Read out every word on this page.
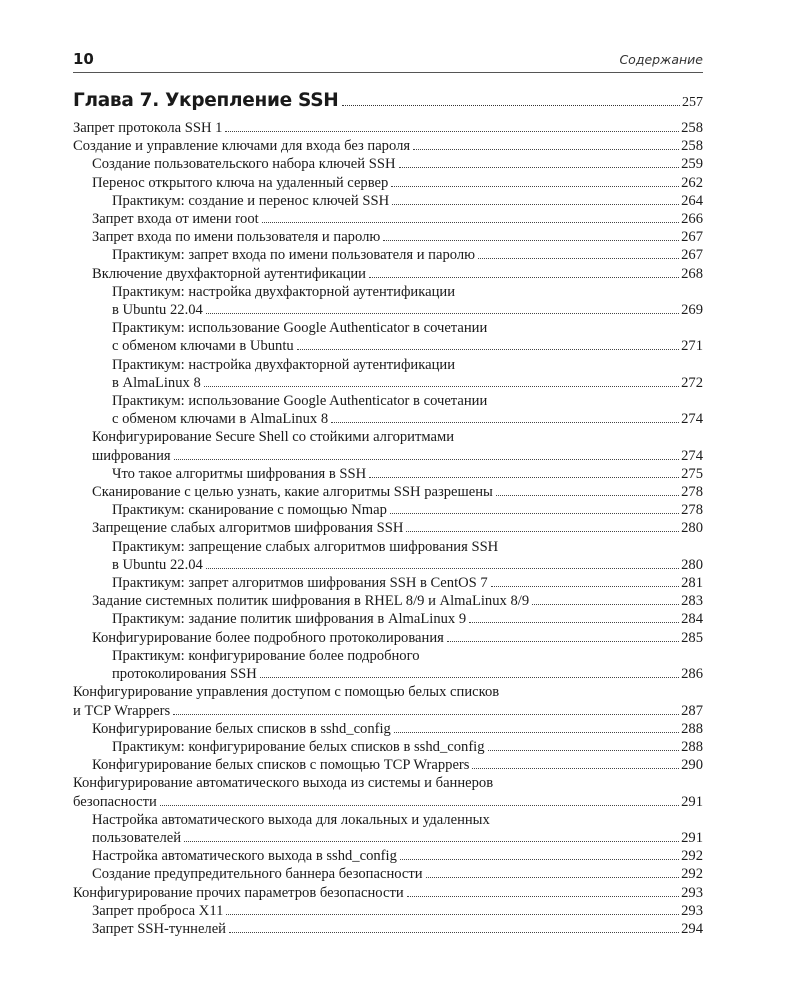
10	Содержание
Глава 7. Укрепление SSH	257
Запрет протокола SSH 1	258
Создание и управление ключами для входа без пароля	258
Создание пользовательского набора ключей SSH	259
Перенос открытого ключа на удаленный сервер	262
Практикум: создание и перенос ключей SSH	264
Запрет входа от имени root	266
Запрет входа по имени пользователя и паролю	267
Практикум: запрет входа по имени пользователя и паролю	267
Включение двухфакторной аутентификации	268
Практикум: настройка двухфакторной аутентификации
в Ubuntu 22.04	269
Практикум: использование Google Authenticator в сочетании
с обменом ключами в Ubuntu	271
Практикум: настройка двухфакторной аутентификации
в AlmaLinux 8	272
Практикум: использование Google Authenticator в сочетании
с обменом ключами в AlmaLinux 8	274
Конфигурирование Secure Shell со стойкими алгоритмами
шифрования	274
Что такое алгоритмы шифрования в SSH	275
Сканирование с целью узнать, какие алгоритмы SSH разрешены	278
Практикум: сканирование с помощью Nmap	278
Запрещение слабых алгоритмов шифрования SSH	280
Практикум: запрещение слабых алгоритмов шифрования SSH
в Ubuntu 22.04	280
Практикум: запрет алгоритмов шифрования SSH в CentOS 7	281
Задание системных политик шифрования в RHEL 8/9 и AlmaLinux 8/9	283
Практикум: задание политик шифрования в AlmaLinux 9	284
Конфигурирование более подробного протоколирования	285
Практикум: конфигурирование более подробного
протоколирования SSH	286
Конфигурирование управления доступом с помощью белых списков
и TCP Wrappers	287
Конфигурирование белых списков в sshd_config	288
Практикум: конфигурирование белых списков в sshd_config	288
Конфигурирование белых списков с помощью TCP Wrappers	290
Конфигурирование автоматического выхода из системы и баннеров
безопасности	291
Настройка автоматического выхода для локальных и удаленных
пользователей	291
Настройка автоматического выхода в sshd_config	292
Создание предупредительного баннера безопасности	292
Конфигурирование прочих параметров безопасности	293
Запрет проброса X11	293
Запрет SSH-туннелей	294
